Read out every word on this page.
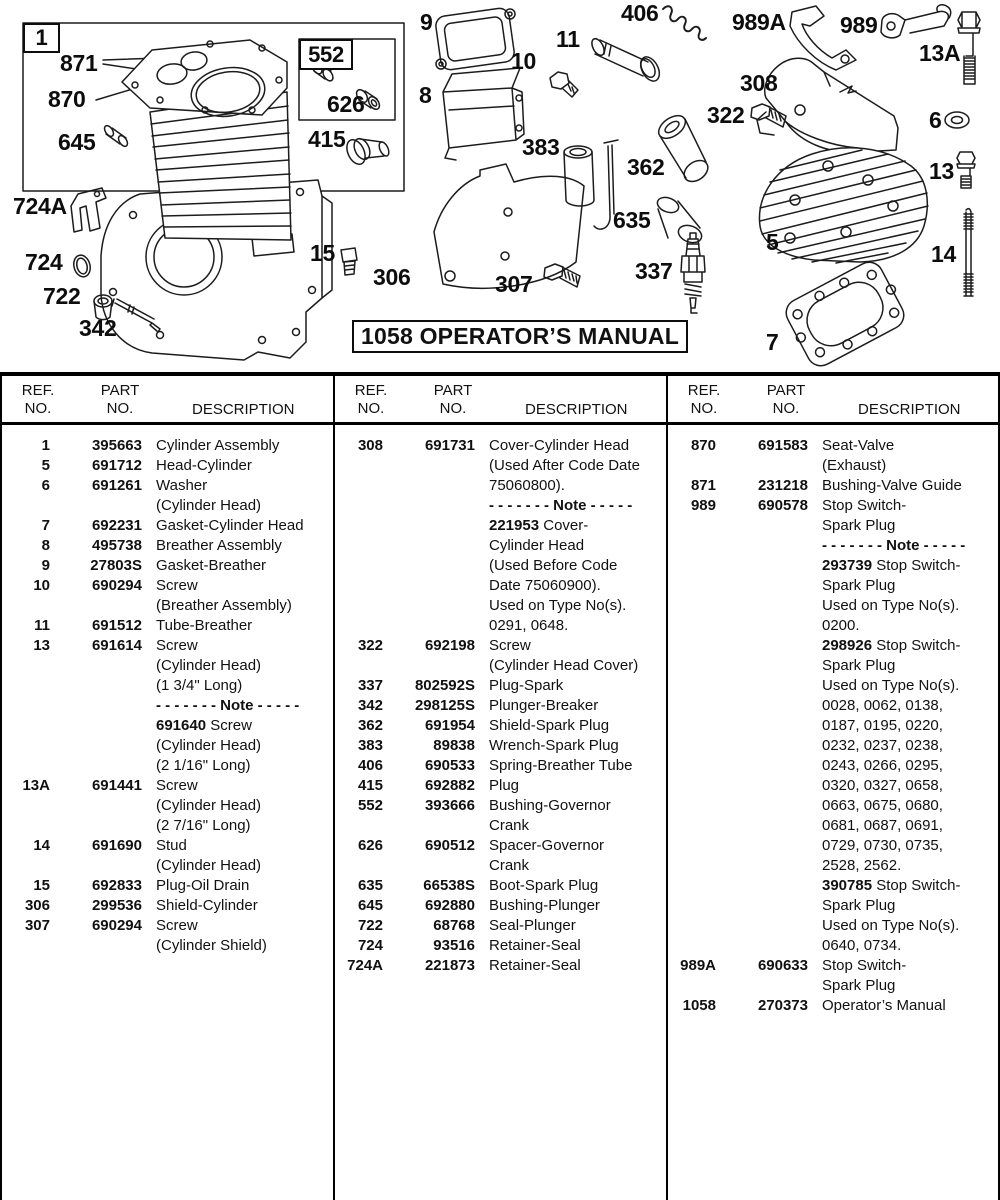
1058 OPERATOR’S MANUAL
1
552
871
870
645
724A
724
722
342
15
306	307
626
415
9
10
8
11
406
383
362
635
337
989A 989
13A
308
322	6
13
5
7
14
REF.
NO.
PART
NO.	DESCRIPTION
1	395663 Cylinder Assembly
5	691712 Head-Cylinder
6	691261 Washer
(Cylinder Head)
7	692231 Gasket-Cylinder Head
8	495738 Breather Assembly
9	27803S Gasket-Breather
10	690294 Screw
(Breather Assembly)
11	691512 Tube-Breather
13	691614 Screw
(Cylinder Head)
(1 3/4" Long)
- - - - - - - Note - - - - -
691640 Screw
(Cylinder Head)
(2 1/16" Long)
13A	691441 Screw
(Cylinder Head)
(2 7/16" Long)
14	691690 Stud
(Cylinder Head)
15	692833 Plug-Oil Drain
306	299536 Shield-Cylinder
307	690294 Screw
(Cylinder Shield)
REF.
NO.
PART
NO.	DESCRIPTION
308	691731 Cover-Cylinder Head
(Used After Code Date
75060800).
- - - - - - - Note - - - - -
221953 Cover-
Cylinder Head
(Used Before Code
Date 75060900).
Used on Type No(s).
0291, 0648.
322	692198 Screw
(Cylinder Head Cover)
337	802592S Plug-Spark
342	298125S Plunger-Breaker
362	691954 Shield-Spark Plug
383	89838 Wrench-Spark Plug
406	690533 Spring-Breather Tube
415	692882 Plug
552	393666 Bushing-Governor
Crank
626	690512 Spacer-Governor
Crank
635	66538S Boot-Spark Plug
645	692880 Bushing-Plunger
722	68768 Seal-Plunger
724	93516 Retainer-Seal
724A	221873 Retainer-Seal
REF.
NO.
PART
NO.	DESCRIPTION
870	691583 Seat-Valve
(Exhaust)
871	231218 Bushing-Valve Guide
989	690578 Stop Switch-
Spark Plug
- - - - - - - Note - - - - -
293739 Stop Switch-
Spark Plug
Used on Type No(s).
0200.
298926 Stop Switch-
Spark Plug
Used on Type No(s).
0028, 0062, 0138,
0187, 0195, 0220,
0232, 0237, 0238,
0243, 0266, 0295,
0320, 0327, 0658,
0663, 0675, 0680,
0681, 0687, 0691,
0729, 0730, 0735,
2528, 2562.
390785 Stop Switch-
Spark Plug
Used on Type No(s).
0640, 0734.
989A	690633 Stop Switch-
Spark Plug
1058	270373 Operator’s Manual
